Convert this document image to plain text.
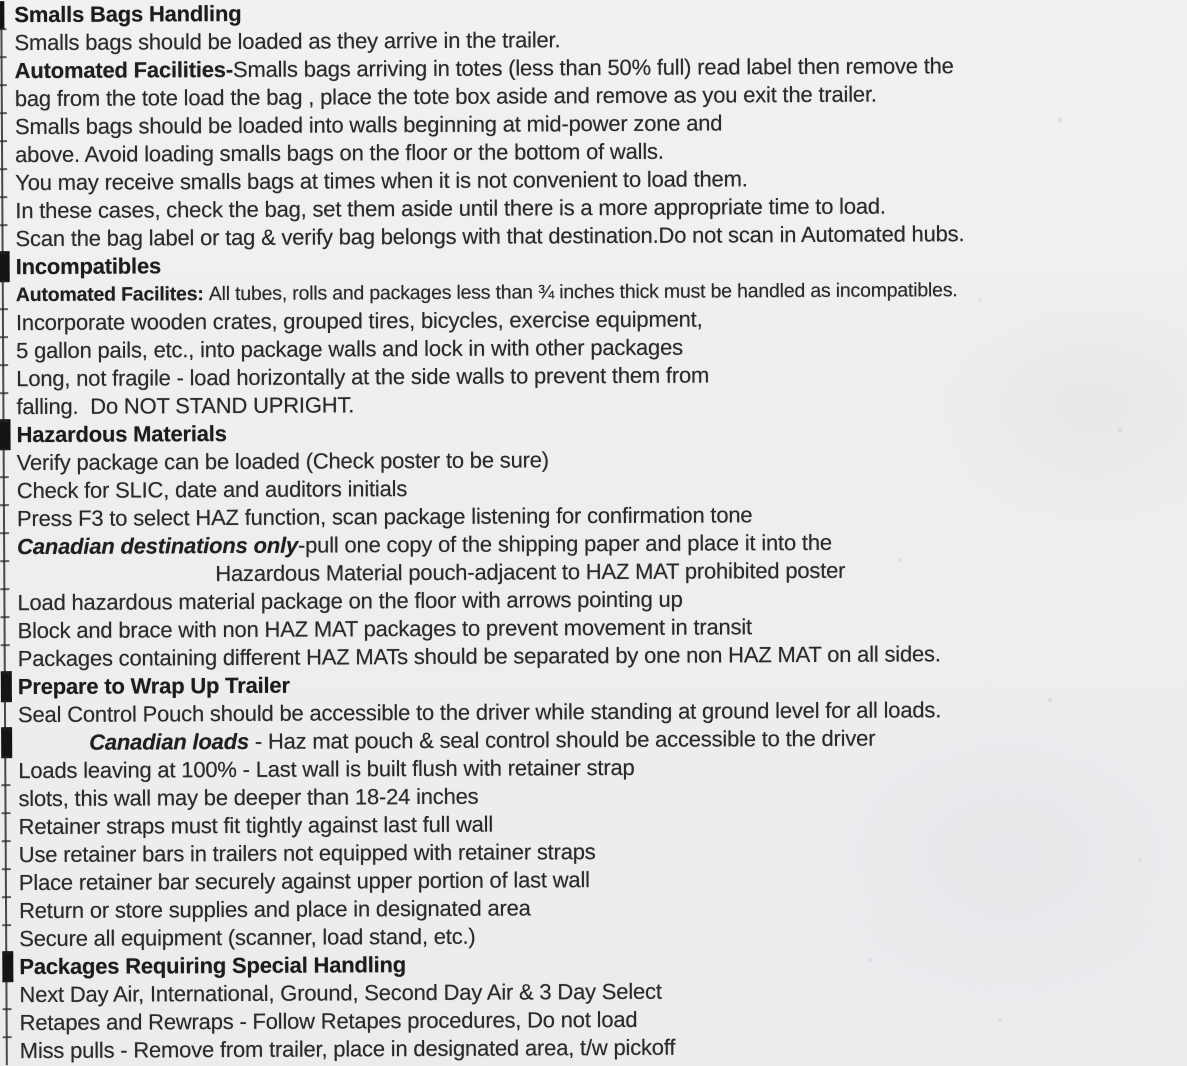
Smalls Bags Handling
Smalls bags should be loaded as they arrive in the trailer.
Automated Facilities-Smalls bags arriving in totes (less than 50% full) read label then remove the
bag from the tote load the bag , place the tote box aside and remove as you exit the trailer.
Smalls bags should be loaded into walls beginning at mid-power zone and
above. Avoid loading smalls bags on the floor or the bottom of walls.
You may receive smalls bags at times when it is not convenient to load them.
In these cases, check the bag, set them aside until there is a more appropriate time to load.
Scan the bag label or tag & verify bag belongs with that destination.Do not scan in Automated hubs.
Incompatibles
Automated Facilites: All tubes, rolls and packages less than ¾ inches thick must be handled as incompatibles.
Incorporate wooden crates, grouped tires, bicycles, exercise equipment,
5 gallon pails, etc., into package walls and lock in with other packages
Long, not fragile - load horizontally at the side walls to prevent them from
falling.  Do NOT STAND UPRIGHT.
Hazardous Materials
Verify package can be loaded (Check poster to be sure)
Check for SLIC, date and auditors initials
Press F3 to select HAZ function, scan package listening for confirmation tone
Canadian destinations only-pull one copy of the shipping paper and place it into the
Hazardous Material pouch-adjacent to HAZ MAT prohibited poster
Load hazardous material package on the floor with arrows pointing up
Block and brace with non HAZ MAT packages to prevent movement in transit
Packages containing different HAZ MATs should be separated by one non HAZ MAT on all sides.
Prepare to Wrap Up Trailer
Seal Control Pouch should be accessible to the driver while standing at ground level for all loads.
Canadian loads - Haz mat pouch & seal control should be accessible to the driver
Loads leaving at 100% - Last wall is built flush with retainer strap
slots, this wall may be deeper than 18-24 inches
Retainer straps must fit tightly against last full wall
Use retainer bars in trailers not equipped with retainer straps
Place retainer bar securely against upper portion of last wall
Return or store supplies and place in designated area
Secure all equipment (scanner, load stand, etc.)
Packages Requiring Special Handling
Next Day Air, International, Ground, Second Day Air & 3 Day Select
Retapes and Rewraps - Follow Retapes procedures, Do not load
Miss pulls - Remove from trailer, place in designated area, t/w pickoff
